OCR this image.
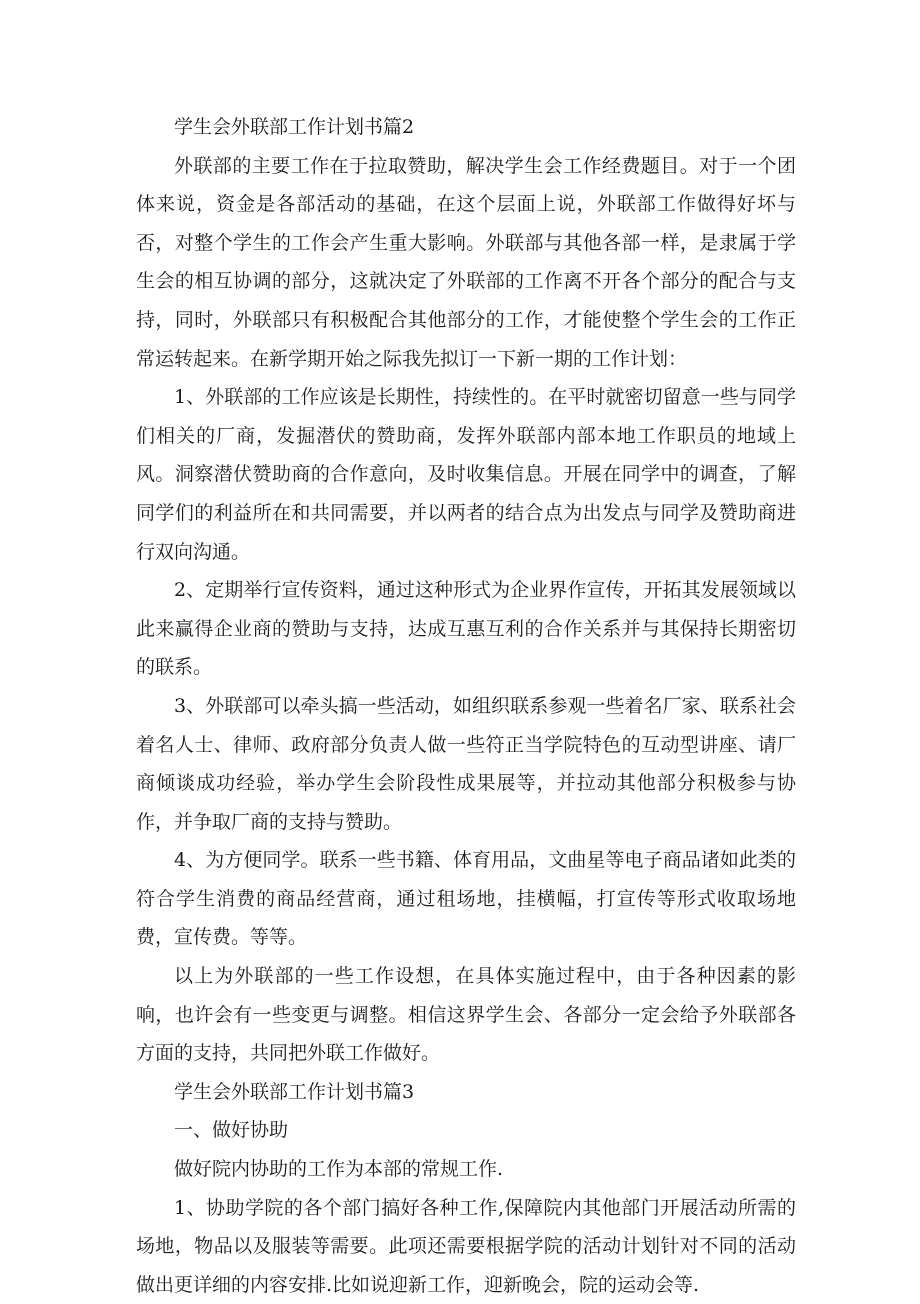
学生会外联部工作计划书篇2

外联部的主要工作在于拉取赞助，解决学生会工作经费题目。对于一个团体来说，资金是各部活动的基础，在这个层面上说，外联部工作做得好坏与否，对整个学生的工作会产生重大影响。外联部与其他各部一样，是隶属于学生会的相互协调的部分，这就决定了外联部的工作离不开各个部分的配合与支持，同时，外联部只有积极配合其他部分的工作，才能使整个学生会的工作正常运转起来。在新学期开始之际我先拟订一下新一期的工作计划：

1、外联部的工作应该是长期性，持续性的。在平时就密切留意一些与同学们相关的厂商，发掘潜伏的赞助商，发挥外联部内部本地工作职员的地域上风。洞察潜伏赞助商的合作意向，及时收集信息。开展在同学中的调查，了解同学们的利益所在和共同需要，并以两者的结合点为出发点与同学及赞助商进行双向沟通。

2、定期举行宣传资料，通过这种形式为企业界作宣传，开拓其发展领域以此来赢得企业商的赞助与支持，达成互惠互利的合作关系并与其保持长期密切的联系。

3、外联部可以牵头搞一些活动，如组织联系参观一些着名厂家、联系社会着名人士、律师、政府部分负责人做一些符正当学院特色的互动型讲座、请厂商倾谈成功经验，举办学生会阶段性成果展等，并拉动其他部分积极参与协作，并争取厂商的支持与赞助。

4、为方便同学。联系一些书籍、体育用品，文曲星等电子商品诸如此类的符合学生消费的商品经营商，通过租场地，挂横幅，打宣传等形式收取场地费，宣传费。等等。

以上为外联部的一些工作设想，在具体实施过程中，由于各种因素的影响，也许会有一些变更与调整。相信这界学生会、各部分一定会给予外联部各方面的支持，共同把外联工作做好。

学生会外联部工作计划书篇3

一、做好协助

做好院内协助的工作为本部的常规工作.

1、协助学院的各个部门搞好各种工作,保障院内其他部门开展活动所需的场地，物品以及服装等需要。此项还需要根据学院的活动计划针对不同的活动做出更详细的内容安排.比如说迎新工作，迎新晚会，院的运动会等.
